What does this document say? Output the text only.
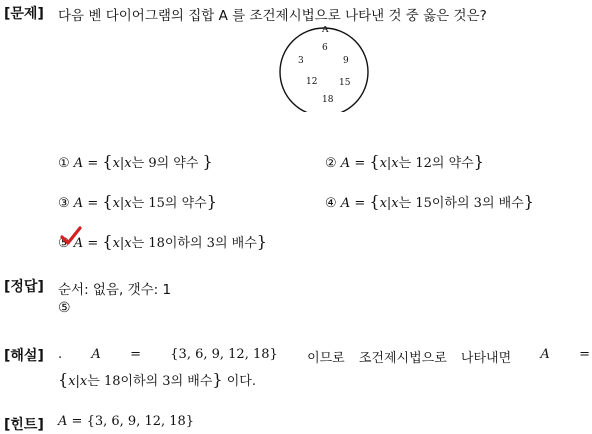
[문제] 다음 벤 다이어그램의 집합 A 를 조건제시법으로 나타낸 것 중 옳은 것은?
A
6
3	9
12 15
18
① A = {x|x는 9의 약수 }	② A = {x|x는 12의 약수}
③ A = {x|x는 15의 약수}	④ A = {x|x는 15이하의 3의 배수}
⑤ A = {x|x는 18이하의 3의 배수}
[정답] 순서: 없음, 갯수: 1
⑤
[해설] . A = {3, 6, 9, 12, 18} 이므로 조건제시법으로 나타내면 A =
{x|x는 18이하의 3의 배수} 이다.
[힌트] A = {3, 6, 9, 12, 18}
